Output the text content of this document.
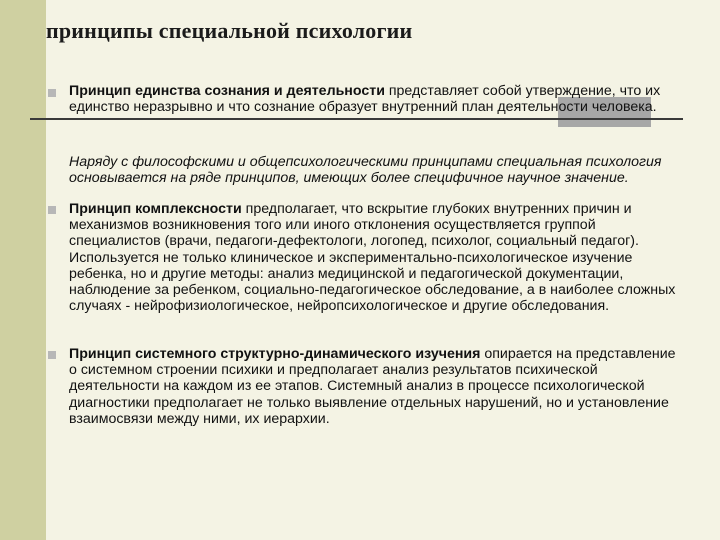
принципы специальной психологии

Принцип единства сознания и деятельности представляет собой утверждение, что их единство неразрывно и что сознание образует внутренний план деятельности человека.

Наряду с философскими и общепсихологическими принципами специальная психология основывается на ряде принципов, имеющих более специфичное научное значение.

Принцип комплексности предполагает, что вскрытие глубоких внутренних причин и механизмов возникновения того или иного отклонения осуществляется группой специалистов (врачи, педагоги-дефектологи, логопед, психолог, социальный педагог). Используется не только клиническое и экспериментально-психологическое изучение ребенка, но и другие методы: анализ медицинской и педагогической документации, наблюдение за ребенком, социально-педагогическое обследование, а в наиболее сложных случаях - нейрофизиологическое, нейропсихологическое и другие обследования.

Принцип системного структурно-динамического изучения опирается на представление о системном строении психики и предполагает анализ результатов психической деятельности на каждом из ее этапов. Системный анализ в процессе психологической диагностики предполагает не только выявление отдельных нарушений, но и установление взаимосвязи между ними, их иерархии.
